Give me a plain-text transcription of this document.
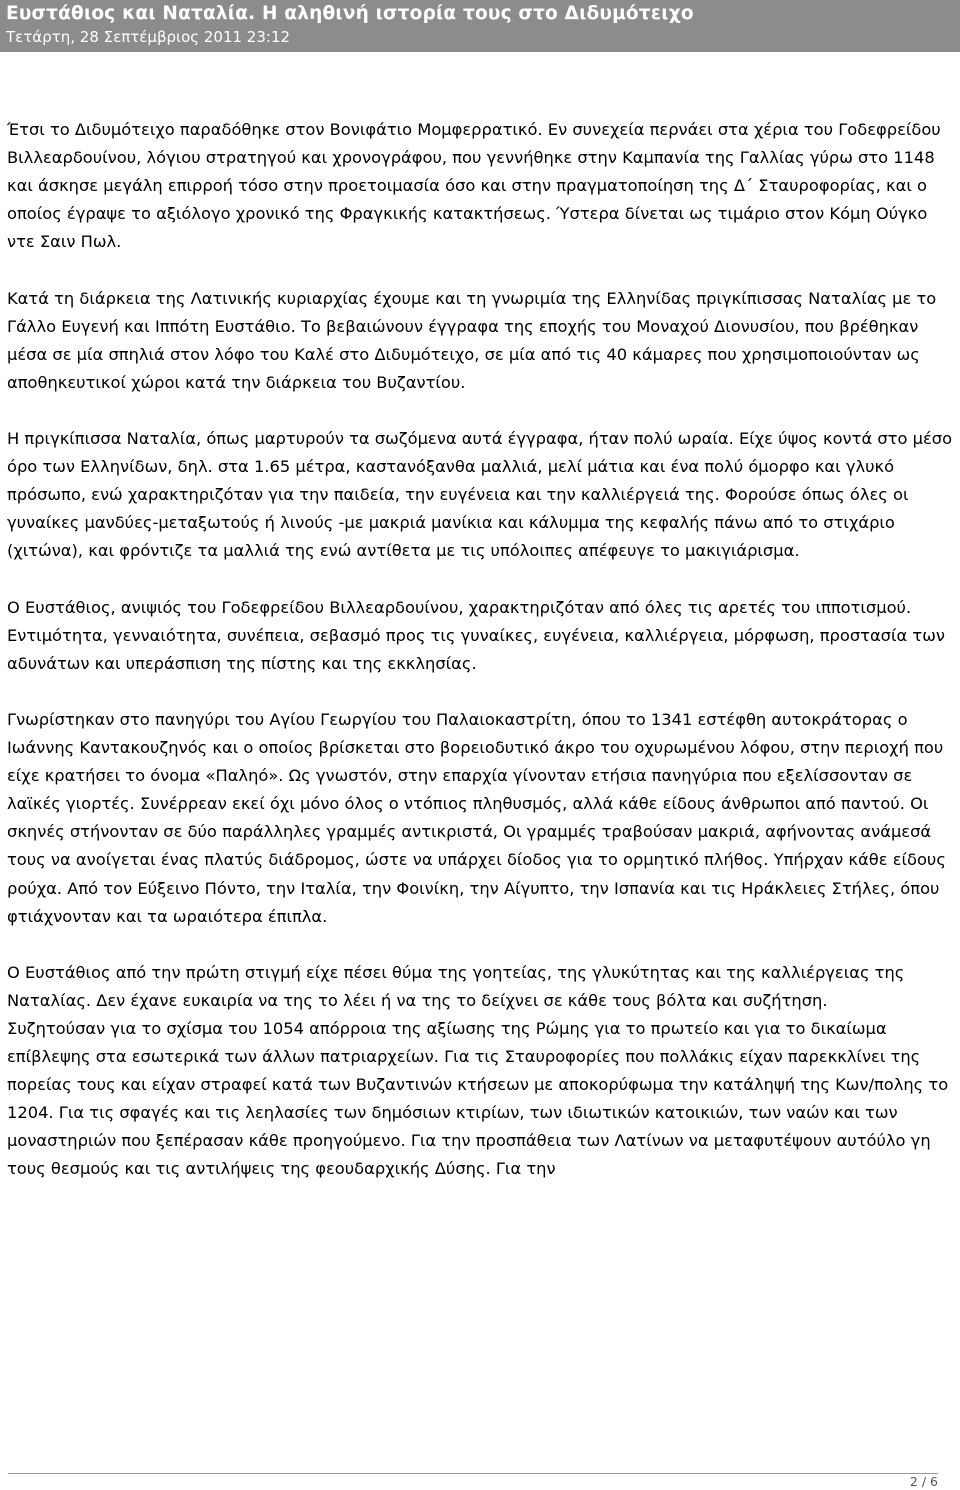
Ευστάθιος και Ναταλία. Η αληθινή ιστορία τους στο Διδυμότειχο
Τετάρτη, 28 Σεπτέμβριος 2011 23:12

Έτσι το Διδυμότειχο παραδόθηκε στον Βονιφάτιο Μομφερρατικό. Εν συνεχεία περνάει στα χέρια του Γοδεφρείδου Βιλλεαρδουίνου, λόγιου στρατηγού και χρονογράφου, που γεννήθηκε στην Καμπανία της Γαλλίας γύρω στο 1148 και άσκησε μεγάλη επιρροή τόσο στην προετοιμασία όσο και στην πραγματοποίηση της Δ΄ Σταυροφορίας, και ο οποίος έγραψε το αξιόλογο χρονικό της Φραγκικής κατακτήσεως. Ύστερα δίνεται ως τιμάριο στον Κόμη Ούγκο ντε Σαιν Πωλ.

Κατά τη διάρκεια της Λατινικής κυριαρχίας έχουμε και τη γνωριμία της Ελληνίδας πριγκίπισσας Ναταλίας με το Γάλλο Ευγενή και Ιππότη Ευστάθιο. Το βεβαιώνουν έγγραφα της εποχής του Μοναχού Διονυσίου, που βρέθηκαν μέσα σε μία σπηλιά στον λόφο του Καλέ στο Διδυμότειχο, σε μία από τις 40 κάμαρες που χρησιμοποιούνταν ως αποθηκευτικοί χώροι κατά την διάρκεια του Βυζαντίου.

Η πριγκίπισσα Ναταλία, όπως μαρτυρούν τα σωζόμενα αυτά έγγραφα, ήταν πολύ ωραία. Είχε ύψος κοντά στο μέσο όρο των Ελληνίδων, δηλ. στα 1.65 μέτρα, καστανόξανθα μαλλιά, μελί μάτια και ένα πολύ όμορφο και γλυκό πρόσωπο, ενώ χαρακτηριζόταν για την παιδεία, την ευγένεια και την καλλιέργειά της. Φορούσε όπως όλες οι γυναίκες μανδύες-μεταξωτούς ή λινούς -με μακριά μανίκια και κάλυμμα της κεφαλής πάνω από το στιχάριο (χιτώνα), και φρόντιζε τα μαλλιά της ενώ αντίθετα με τις υπόλοιπες απέφευγε το μακιγιάρισμα.

Ο Ευστάθιος, ανιψιός του Γοδεφρείδου Βιλλεαρδουίνου, χαρακτηριζόταν από όλες τις αρετές του ιπποτισμού. Εντιμότητα, γενναιότητα, συνέπεια, σεβασμό προς τις γυναίκες, ευγένεια, καλλιέργεια, μόρφωση, προστασία των αδυνάτων και υπεράσπιση της πίστης και της εκκλησίας.

Γνωρίστηκαν στο πανηγύρι του Αγίου Γεωργίου του Παλαιοκαστρίτη, όπου το 1341 εστέφθη αυτοκράτορας ο Ιωάννης Καντακουζηνός και ο οποίος βρίσκεται στο βορειοδυτικό άκρο του οχυρωμένου λόφου, στην περιοχή που είχε κρατήσει το όνομα «Παληό». Ως γνωστόν, στην επαρχία γίνονταν ετήσια πανηγύρια που εξελίσσονταν σε λαϊκές γιορτές. Συνέρρεαν εκεί όχι μόνο όλος ο ντόπιος πληθυσμός, αλλά κάθε είδους άνθρωποι από παντού. Οι σκηνές στήνονταν σε δύο παράλληλες γραμμές αντικριστά, Οι γραμμές τραβούσαν μακριά, αφήνοντας ανάμεσά τους να ανοίγεται ένας πλατύς διάδρομος, ώστε να υπάρχει δίοδος για το ορμητικό πλήθος. Υπήρχαν κάθε είδους ρούχα. Από τον Εύξεινο Πόντο, την Ιταλία, την Φοινίκη, την Αίγυπτο, την Ισπανία και τις Ηράκλειες Στήλες, όπου φτιάχνονταν και τα ωραιότερα έπιπλα.

Ο Ευστάθιος από την πρώτη στιγμή είχε πέσει θύμα της γοητείας, της γλυκύτητας και της καλλιέργειας της Ναταλίας. Δεν έχανε ευκαιρία να της το λέει ή να της το δείχνει σε κάθε τους βόλτα και συζήτηση.

Συζητούσαν για το σχίσμα του 1054 απόρροια της αξίωσης της Ρώμης για το πρωτείο και για το δικαίωμα επίβλεψης στα εσωτερικά των άλλων πατριαρχείων. Για τις Σταυροφορίες που πολλάκις είχαν παρεκκλίνει της πορείας τους και είχαν στραφεί κατά των Βυζαντινών κτήσεων με αποκορύφωμα την κατάληψή της Κων/πολης το 1204. Για τις σφαγές και τις λεηλασίες των δημόσιων κτιρίων, των ιδιωτικών κατοικιών, των ναών και των μοναστηριών που ξεπέρασαν κάθε προηγούμενο. Για την προσπάθεια των Λατίνων να μεταφυτέψουν αυτόύλο γη τους θεσμούς και τις αντιλήψεις της φεουδαρχικής Δύσης. Για την

2 / 6
